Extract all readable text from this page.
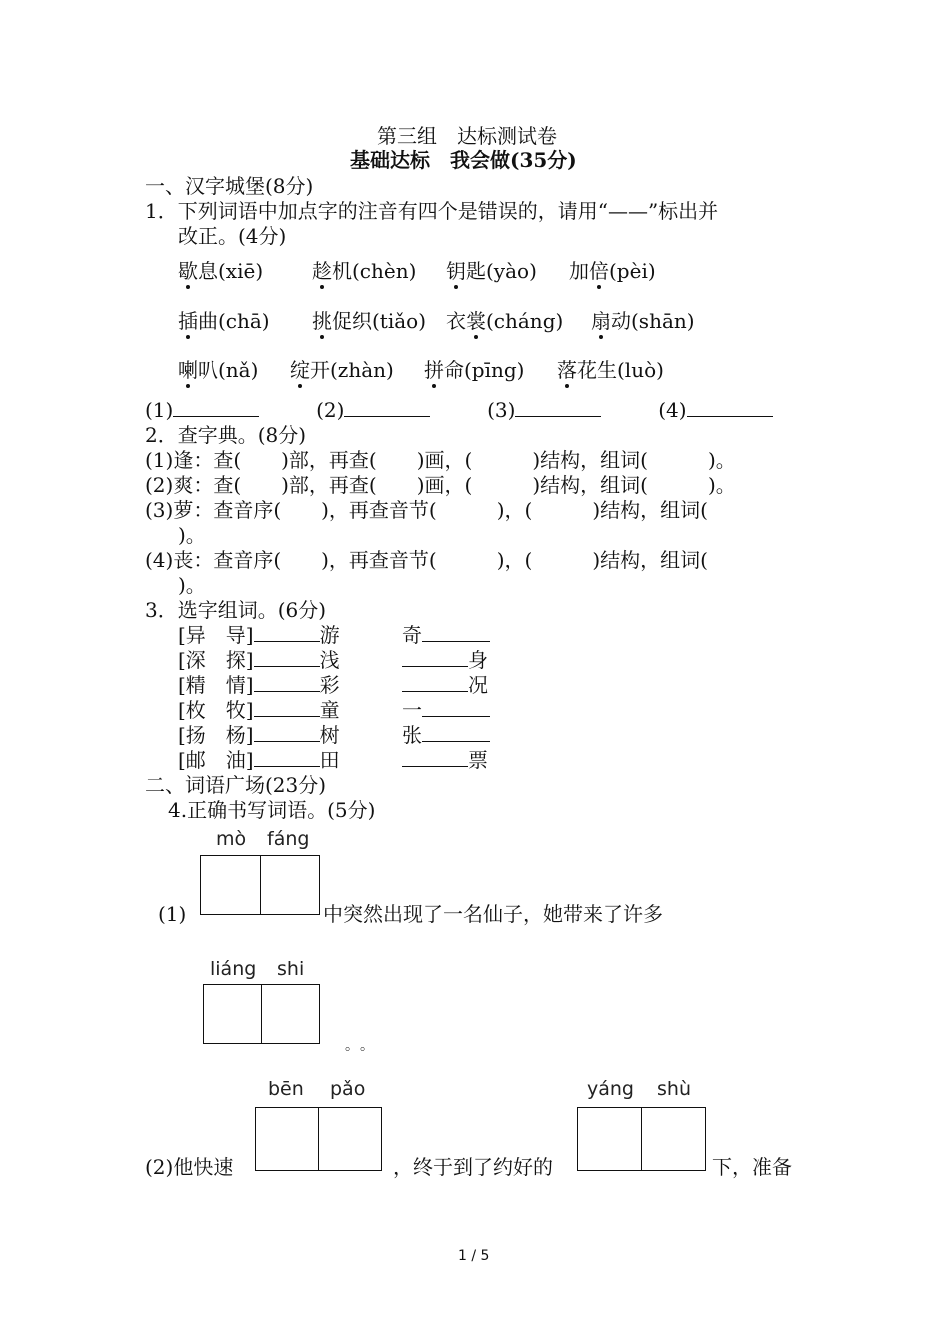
第三组　达标测试卷
基础达标　我会做(35分)
一、汉字城堡(8分)
1．下列词语中加点字的注音有四个是错误的，请用“——”标出并
改正。(4分)
歇息(xiē) 趁机(chèn) 钥匙(yào) 加倍(pèi)
插曲(chā) 挑促织(tiǎo) 衣裳(cháng) 扇动(shān)
喇叭(nǎ) 绽开(zhàn) 拼命(pīng) 落花生(luò)
(1)	(2)	(3)	(4)
2．查字典。(8分)
(1)逢：查(　　)部，再查(　　)画，(　　　)结构，组词(　　　)。
(2)爽：查(　　)部，再查(　　)画，(　　　)结构，组词(　　　)。
(3)萝：查音序(　　)，再查音节(　　　)，(　　　)结构，组词(
)。
(4)丧：查音序(　　)，再查音节(　　　)，(　　　)结构，组词(
)。
3．选字组词。(6分)
[异　导]	游	奇
[深　探]	浅	身
[精　情]	彩	况
[枚　牧]	童	一
[扬　杨]	树	张
[邮　油]	田	票
二、词语广场(23分)
4.正确书写词语。(5分)
mò fáng
(1)	中突然出现了一名仙子，她带来了许多
liáng shi
。。
bēn pǎo	yáng shù
(2)他快速	，终于到了约好的	下，准备
1 / 5
